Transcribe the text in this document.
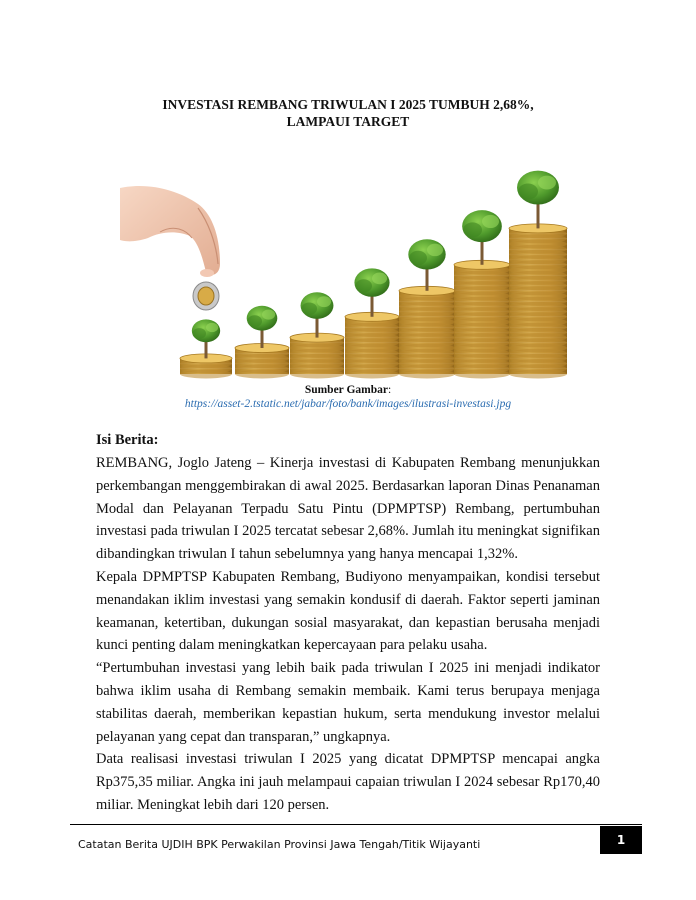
INVESTASI REMBANG TRIWULAN I 2025 TUMBUH 2,68%,
LAMPAUI TARGET
Sumber Gambar:
https://asset-2.tstatic.net/jabar/foto/bank/images/ilustrasi-investasi.jpg
Isi Berita:

REMBANG, Joglo Jateng – Kinerja investasi di Kabupaten Rembang menunjukkan perkembangan menggembirakan di awal 2025. Berdasarkan laporan Dinas Penanaman Modal dan Pelayanan Terpadu Satu Pintu (DPMPTSP) Rembang, pertumbuhan investasi pada triwulan I 2025 tercatat sebesar 2,68%. Jumlah itu meningkat signifikan dibandingkan triwulan I tahun sebelumnya yang hanya mencapai 1,32%.

Kepala DPMPTSP Kabupaten Rembang, Budiyono menyampaikan, kondisi tersebut menandakan iklim investasi yang semakin kondusif di daerah. Faktor seperti jaminan keamanan, ketertiban, dukungan sosial masyarakat, dan kepastian berusaha menjadi kunci penting dalam meningkatkan kepercayaan para pelaku usaha.

“Pertumbuhan investasi yang lebih baik pada triwulan I 2025 ini menjadi indikator bahwa iklim usaha di Rembang semakin membaik. Kami terus berupaya menjaga stabilitas daerah, memberikan kepastian hukum, serta mendukung investor melalui pelayanan yang cepat dan transparan,” ungkapnya.

Data realisasi investasi triwulan I 2025 yang dicatat DPMPTSP mencapai angka Rp375,35 miliar. Angka ini jauh melampaui capaian triwulan I 2024 sebesar Rp170,40 miliar. Meningkat lebih dari 120 persen.

Catatan Berita UJDIH BPK Perwakilan Provinsi Jawa Tengah/Titik Wijayanti	1
